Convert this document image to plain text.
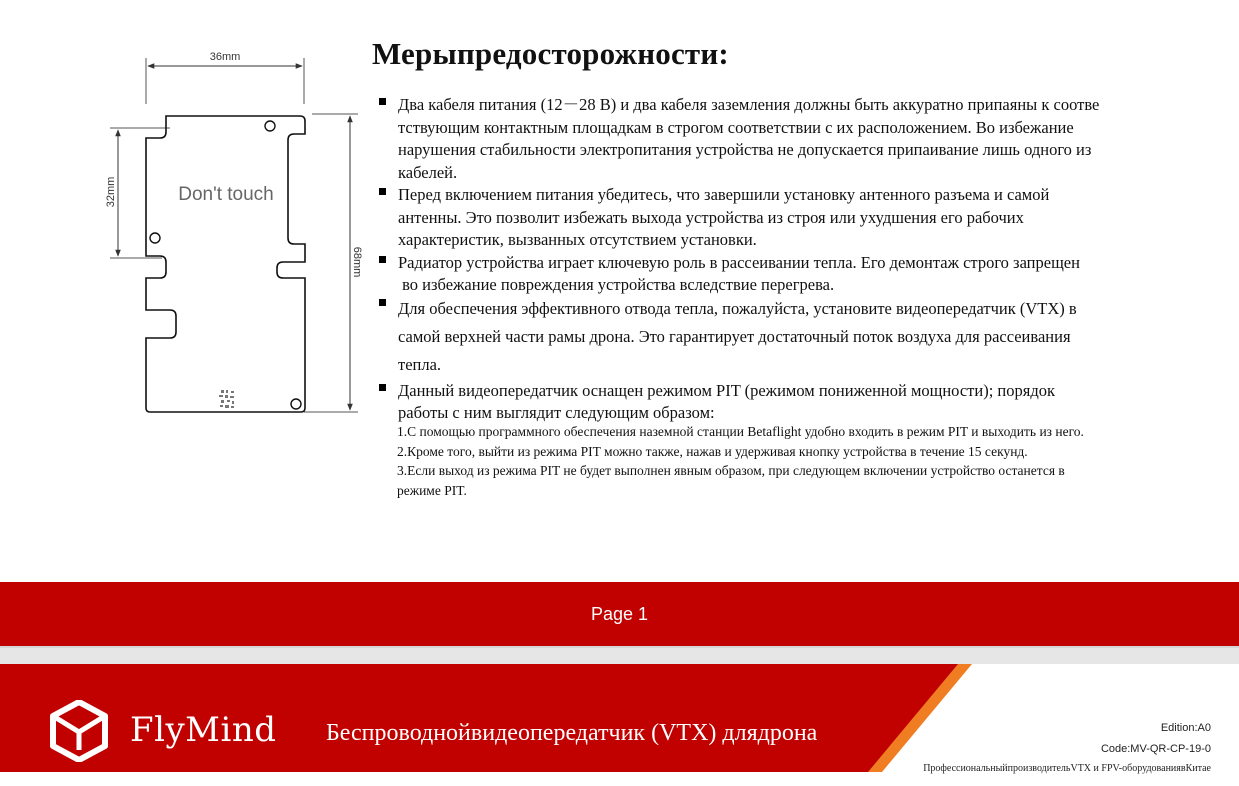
36mm
32mm
68mm
Don't touch
Мерыпредосторожности:
Два кабеля питания (12－28 В) и два кабеля заземления должны быть аккуратно припаяны к соотве
тствующим контактным площадкам в строгом соответствии с их расположением. Во избежание
нарушения стабильности электропитания устройства не допускается припаивание лишь одного из
кабелей.
Перед включением питания убедитесь, что завершили установку антенного разъема и самой
антенны. Это позволит избежать выхода устройства из строя или ухудшения его рабочих
характеристик, вызванных отсутствием установки.
Радиатор устройства играет ключевую роль в рассеивании тепла. Его демонтаж строго запрещен
во избежание повреждения устройства вследствие перегрева.
Для обеспечения эффективного отвода тепла, пожалуйста, установите видеопередатчик (VTX) в
самой верхней части рамы дрона. Это гарантирует достаточный поток воздуха для рассеивания
тепла.
Данный видеопередатчик оснащен режимом PIT (режимом пониженной мощности); порядок
работы с ним выглядит следующим образом:

1.С помощью программного обеспечения наземной станции Betaflight удобно входить в режим PIT и выходить из него.

2.Кроме того, выйти из режима PIT можно также, нажав и удерживая кнопку устройства в течение 15 секунд.

3.Если выход из режима PIT не будет выполнен явным образом, при следующем включении устройство останется в

режиме PIT.

Page 1
FlyMind Беспроводнойвидеопередатчик (VTX) длядрона	Edition:A0
Code:MV-QR-CP-19-0
ПрофессиональныйпроизводительVTX и FPV-оборудованиявКитае
